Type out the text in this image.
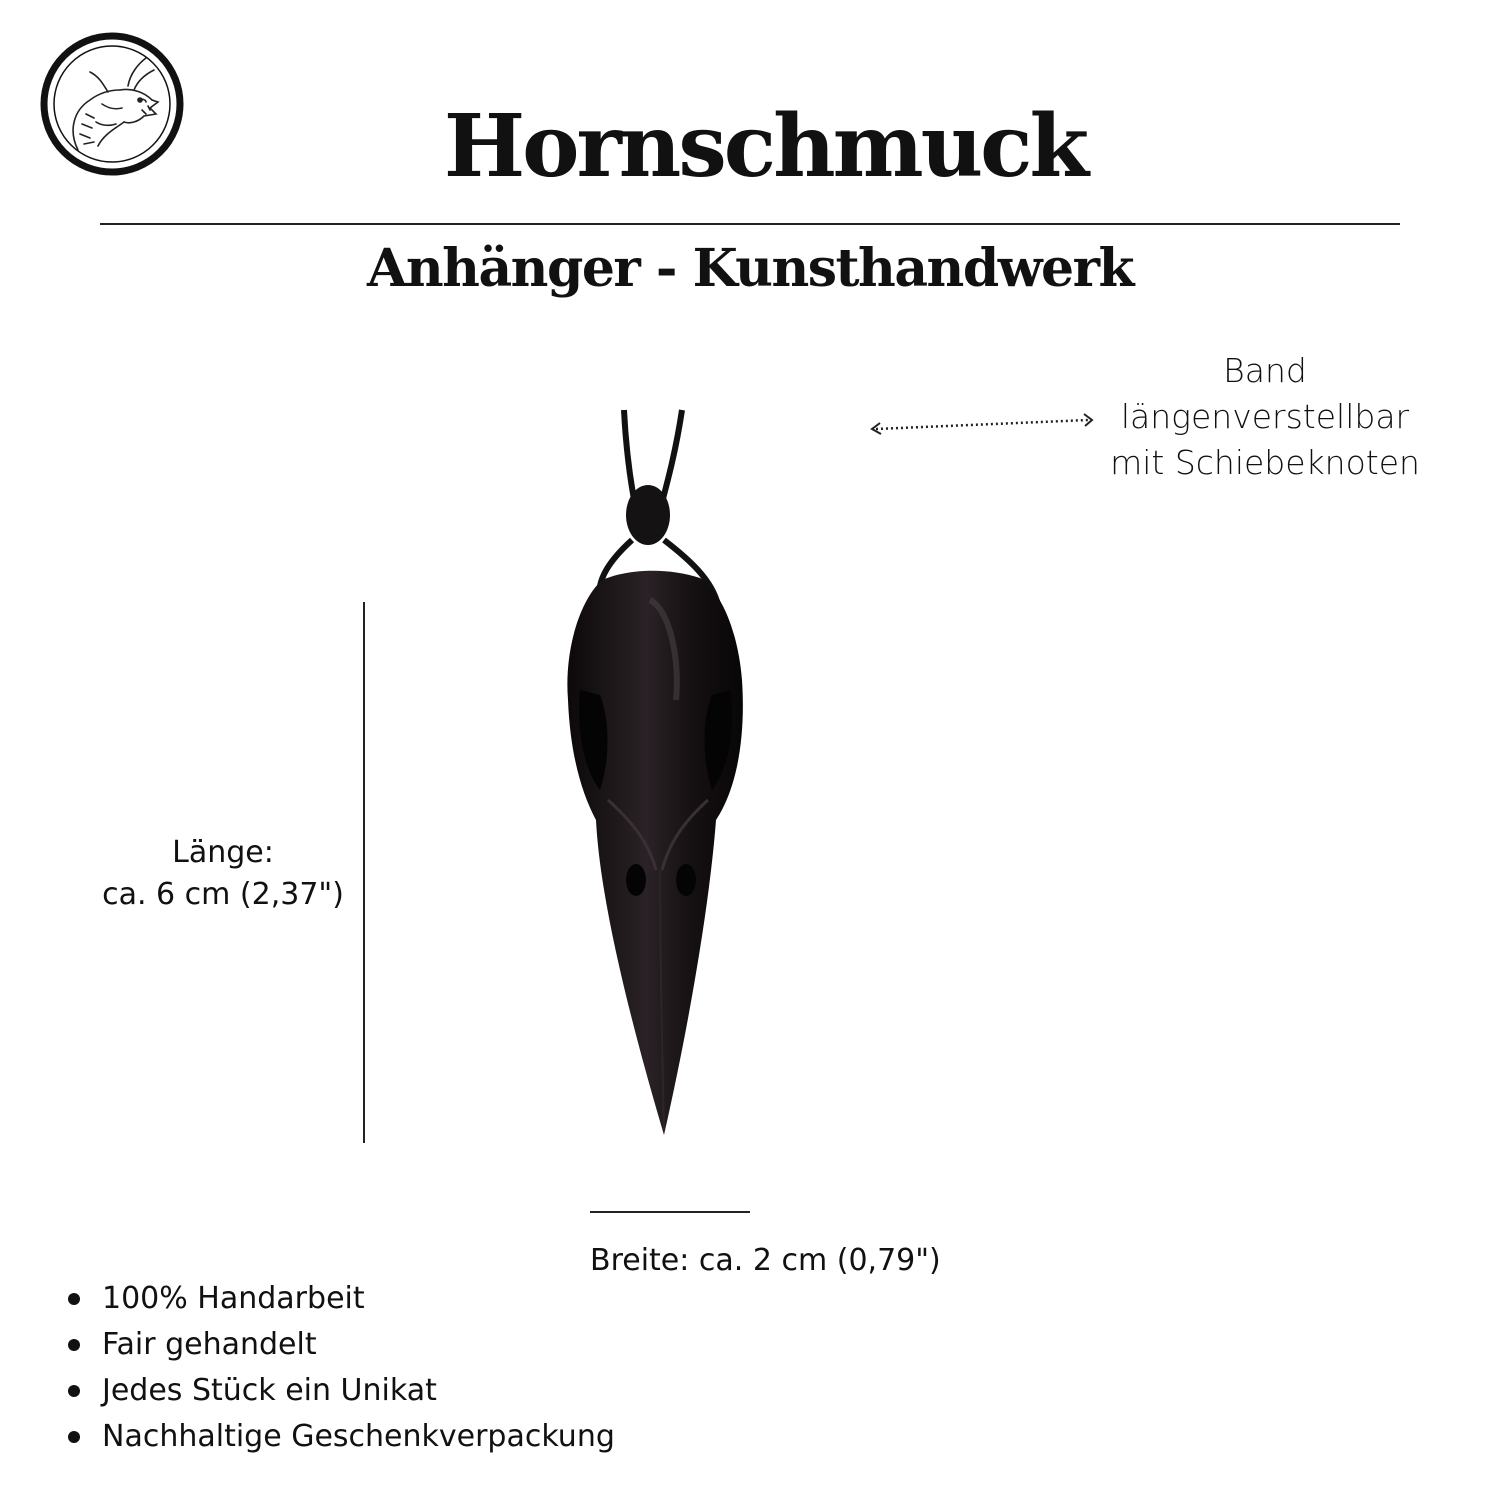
Hornschmuck
Anhänger - Kunsthandwerk
Band
längenverstellbar
mit Schiebeknoten
Länge:
ca. 6 cm (2,37")
Breite: ca. 2 cm (0,79")
100% Handarbeit
Fair gehandelt
Jedes Stück ein Unikat
Nachhaltige Geschenkverpackung
